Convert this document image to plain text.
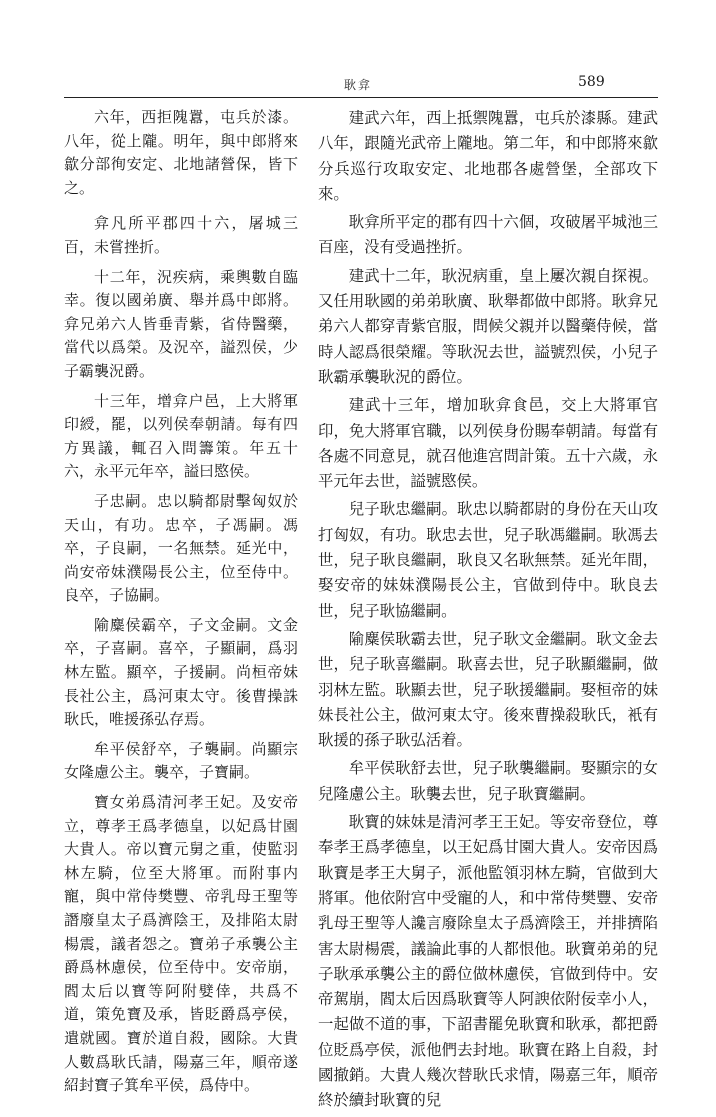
耿弇	589

六年，西拒隗囂，屯兵於漆。八年，從上隴。明年，與中郎將來歙分部徇安定、北地諸營保，皆下之。

弇凡所平郡四十六，屠城三百，未嘗挫折。

十二年，況疾病，乘輿數自臨幸。復以國弟廣、舉并爲中郎將。弇兄弟六人皆垂青紫，省侍醫藥，當代以爲榮。及況卒，謚烈侯，少子霸襲況爵。

十三年，增弇户邑，上大將軍印綬，罷，以列侯奉朝請。每有四方異議，輒召入問籌策。年五十六，永平元年卒，謚曰愍侯。

子忠嗣。忠以騎都尉擊匈奴於天山，有功。忠卒，子馮嗣。馮卒，子良嗣，一名無禁。延光中，尚安帝妹濮陽長公主，位至侍中。良卒，子協嗣。

隃麋侯霸卒，子文金嗣。文金卒，子喜嗣。喜卒，子顯嗣，爲羽林左監。顯卒，子援嗣。尚桓帝妹長社公主，爲河東太守。後曹操誅耿氏，唯援孫弘存焉。

牟平侯舒卒，子襲嗣。尚顯宗女隆慮公主。襲卒，子寶嗣。

寶女弟爲清河孝王妃。及安帝立，尊孝王爲孝德皇，以妃爲甘園大貴人。帝以寶元舅之重，使監羽林左騎，位至大將軍。而附事内寵，與中常侍樊豐、帝乳母王聖等譖廢皇太子爲濟陰王，及排陷太尉楊震，議者怨之。寶弟子承襲公主爵爲林慮侯，位至侍中。安帝崩，閻太后以寶等阿附嬖倖，共爲不道，策免寶及承，皆貶爵爲亭侯，遣就國。寶於道自殺，國除。大貴人數爲耿氏請，陽嘉三年，順帝遂紹封寶子箕牟平侯，爲侍中。

建武六年，西上抵禦隗囂，屯兵於漆縣。建武八年，跟隨光武帝上隴地。第二年，和中郎將來歙分兵巡行攻取安定、北地郡各處營堡，全部攻下來。

耿弇所平定的郡有四十六個，攻破屠平城池三百座，没有受過挫折。

建武十二年，耿況病重，皇上屢次親自探視。又任用耿國的弟弟耿廣、耿舉都做中郎將。耿弇兄弟六人都穿青紫官服，問候父親并以醫藥侍候，當時人認爲很榮耀。等耿況去世，謚號烈侯，小兒子耿霸承襲耿況的爵位。

建武十三年，增加耿弇食邑，交上大將軍官印，免大將軍官職，以列侯身份賜奉朝請。每當有各處不同意見，就召他進宫問計策。五十六歲，永平元年去世，謚號愍侯。

兒子耿忠繼嗣。耿忠以騎都尉的身份在天山攻打匈奴，有功。耿忠去世，兒子耿馮繼嗣。耿馮去世，兒子耿良繼嗣，耿良又名耿無禁。延光年間，娶安帝的妹妹濮陽長公主，官做到侍中。耿良去世，兒子耿協繼嗣。

隃麋侯耿霸去世，兒子耿文金繼嗣。耿文金去世，兒子耿喜繼嗣。耿喜去世，兒子耿顯繼嗣，做羽林左監。耿顯去世，兒子耿援繼嗣。娶桓帝的妹妹長社公主，做河東太守。後來曹操殺耿氏，衹有耿援的孫子耿弘活着。

牟平侯耿舒去世，兒子耿襲繼嗣。娶顯宗的女兒隆慮公主。耿襲去世，兒子耿寶繼嗣。

耿寶的妹妹是清河孝王王妃。等安帝登位，尊奉孝王爲孝德皇，以王妃爲甘園大貴人。安帝因爲耿寶是孝王大舅子，派他監領羽林左騎，官做到大將軍。他依附宫中受寵的人，和中常侍樊豐、安帝乳母王聖等人讒言廢除皇太子爲濟陰王，并排擠陷害太尉楊震，議論此事的人都恨他。耿寶弟弟的兒子耿承承襲公主的爵位做林慮侯，官做到侍中。安帝駕崩，閻太后因爲耿寶等人阿諛依附佞幸小人，一起做不道的事，下詔書罷免耿寶和耿承，都把爵位貶爲亭侯，派他們去封地。耿寶在路上自殺，封國撤銷。大貴人幾次替耿氏求情，陽嘉三年，順帝終於續封耿寶的兒
